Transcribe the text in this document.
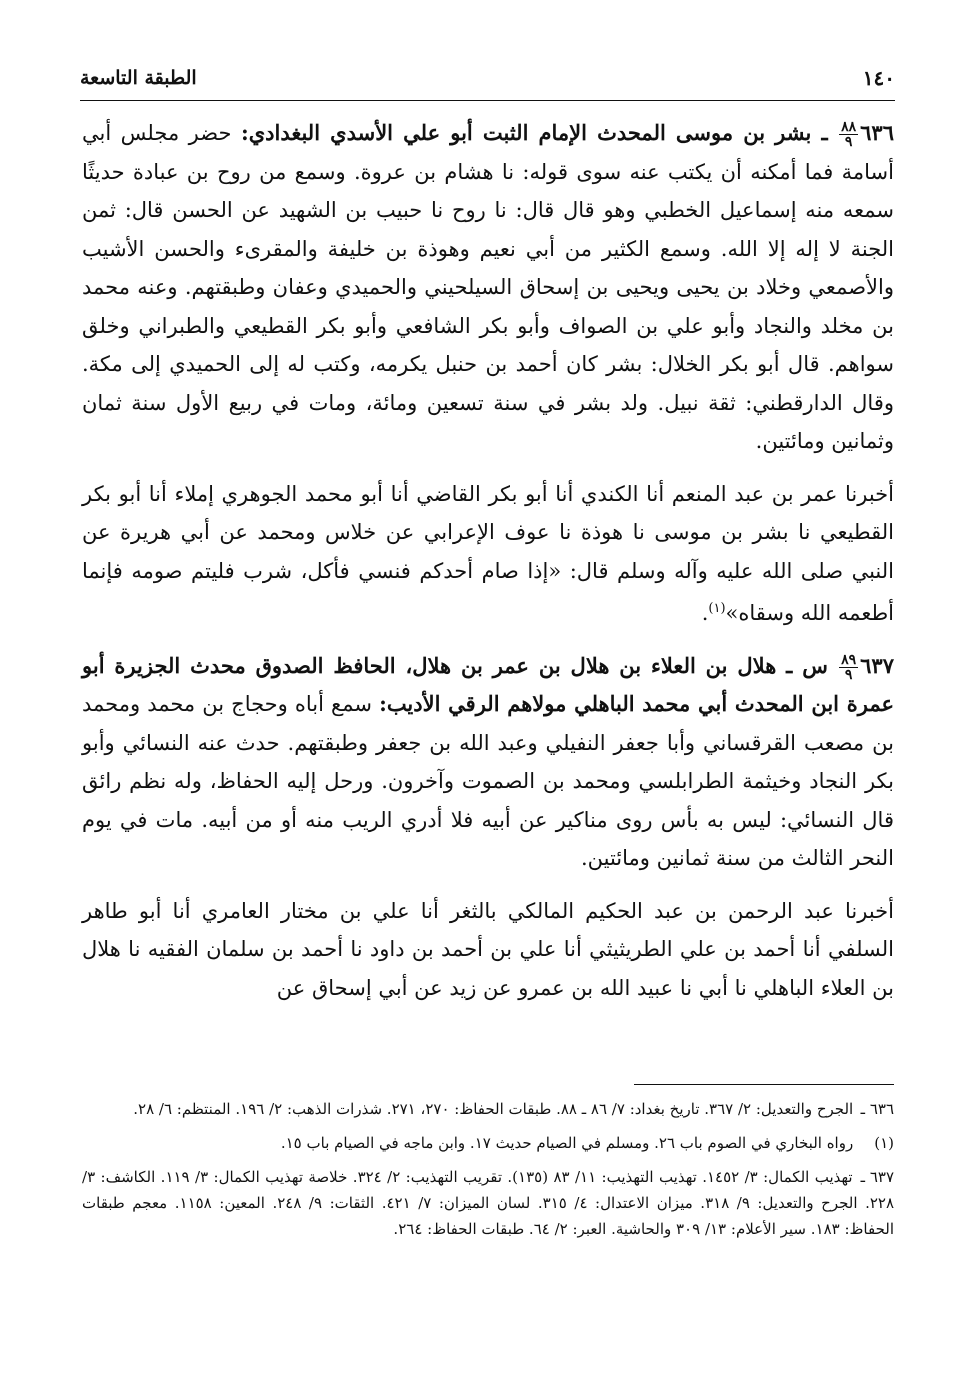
١٤٠
الطبقة التاسعة

٦٣٦
$\frac{٨٨}{٩}$
ـ بشر بن موسى المحدث الإمام الثبت أبو علي الأسدي البغدادي: حضر مجلس أبي أسامة فما أمكنه أن يكتب عنه سوى قوله: نا هشام بن عروة. وسمع من روح بن عبادة حديثًا سمعه منه إسماعيل الخطبي وهو قال قال: نا روح نا حبيب بن الشهيد عن الحسن قال: ثمن الجنة لا إله إلا الله. وسمع الكثير من أبي نعيم وهوذة بن خليفة والمقرىء والحسن الأشيب والأصمعي وخلاد بن يحيى ويحيى بن إسحاق السيلحيني والحميدي وعفان وطبقتهم. وعنه محمد بن مخلد والنجاد وأبو علي بن الصواف وأبو بكر الشافعي وأبو بكر القطيعي والطبراني وخلق سواهم. قال أبو بكر الخلال: بشر كان أحمد بن حنبل يكرمه، وكتب له إلى الحميدي إلى مكة. وقال الدارقطني: ثقة نبيل. ولد بشر في سنة تسعين ومائة، ومات في ربيع الأول سنة ثمان وثمانين ومائتين.

أخبرنا عمر بن عبد المنعم أنا الكندي أنا أبو بكر القاضي أنا أبو محمد الجوهري إملاء أنا أبو بكر القطيعي نا بشر بن موسى نا هوذة نا عوف الإعرابي عن خلاس ومحمد عن أبي هريرة عن النبي صلى الله عليه وآله وسلم قال: «إذا صام أحدكم فنسي فأكل، شرب فليتم صومه فإنما أطعمه الله وسقاه»$^{(١)}$.

٦٣٧
$\frac{٨٩}{٩}$
س ـ هلال بن العلاء بن هلال بن عمر بن هلال، الحافظ الصدوق محدث الجزيرة أبو عمرة ابن المحدث أبي محمد الباهلي مولاهم الرقي الأديب: سمع أباه وحجاج بن محمد ومحمد بن مصعب القرقساني وأبا جعفر النفيلي وعبد الله بن جعفر وطبقتهم. حدث عنه النسائي وأبو بكر النجاد وخيثمة الطرابلسي ومحمد بن الصموت وآخرون. ورحل إليه الحفاظ، وله نظم رائق قال النسائي: ليس به بأس روى مناكير عن أبيه فلا أدري الريب منه أو من أبيه. مات في يوم النحر الثالث من سنة ثمانين ومائتين.

أخبرنا عبد الرحمن بن عبد الحكيم المالكي بالثغر أنا علي بن مختار العامري أنا أبو طاهر السلفي أنا أحمد بن علي الطريثيثي أنا علي بن أحمد بن داود نا أحمد بن سلمان الفقيه نا هلال بن العلاء الباهلي نا أبي نا عبيد الله بن عمرو عن زيد عن أبي إسحاق عن

٦٣٦ ـ الجرح والتعديل: ٢/ ٣٦٧. تاريخ بغداد: ٧/ ٨٦ ـ ٨٨. طبقات الحفاظ: ٢٧٠، ٢٧١. شذرات الذهب: ٢/ ١٩٦. المنتظم: ٦/ ٢٨.

(١) رواه البخاري في الصوم باب ٢٦. ومسلم في الصيام حديث ١٧. وابن ماجه في الصيام باب ١٥.

٦٣٧ ـ تهذيب الكمال: ٣/ ١٤٥٢. تهذيب التهذيب: ١١/ ٨٣ (١٣٥). تقريب التهذيب: ٢/ ٣٢٤. خلاصة تهذيب الكمال: ٣/ ١١٩. الكاشف: ٣/ ٢٢٨. الجرح والتعديل: ٩/ ٣١٨. ميزان الاعتدال: ٤/ ٣١٥. لسان الميزان: ٧/ ٤٢١. الثقات: ٩/ ٢٤٨. المعين: ١١٥٨. معجم طبقات الحفاظ: ١٨٣. سير الأعلام: ١٣/ ٣٠٩ والحاشية. العبر: ٢/ ٦٤. طبقات الحفاظ: ٢٦٤.
